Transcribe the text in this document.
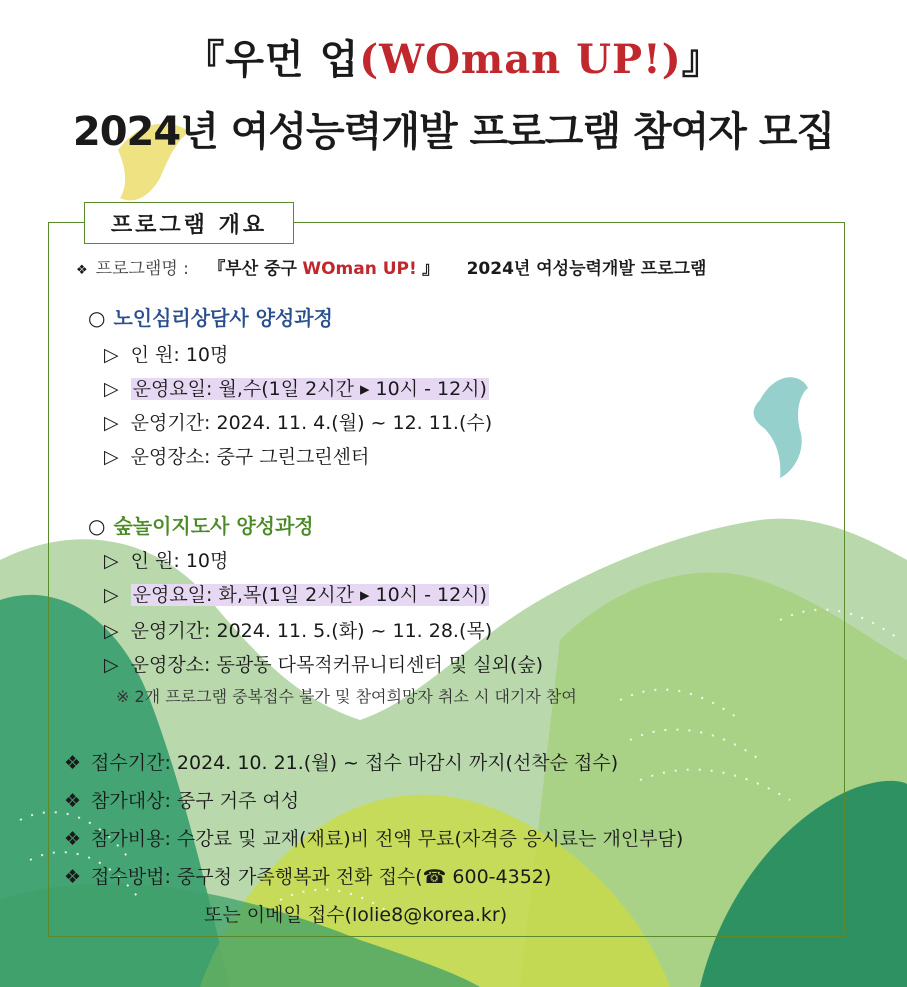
『우먼 업(WOman UP!)』
2024년 여성능력개발 프로그램 참여자 모집
프로그램 개요
❖ 프로그램명 : 『부산 중구 WOman UP! 』 2024년 여성능력개발 프로그램
○ 노인심리상담사 양성과정
▷ 인 원: 10명
▷ 운영요일: 월,수(1일 2시간 ▸ 10시 - 12시)
▷ 운영기간: 2024. 11. 4.(월) ~ 12. 11.(수)
▷ 운영장소: 중구 그린그린센터
○ 숲놀이지도사 양성과정
▷ 인 원: 10명
▷ 운영요일: 화,목(1일 2시간 ▸ 10시 - 12시)
▷ 운영기간: 2024. 11. 5.(화) ~ 11. 28.(목)
▷ 운영장소: 동광동 다목적커뮤니티센터 및 실외(숲)
※ 2개 프로그램 중복접수 불가 및 참여희망자 취소 시 대기자 참여
❖ 접수기간: 2024. 10. 21.(월) ~ 접수 마감시 까지(선착순 접수)
❖ 참가대상: 중구 거주 여성
❖ 참가비용: 수강료 및 교재(재료)비 전액 무료(자격증 응시료는 개인부담)
❖ 접수방법: 중구청 가족행복과 전화 접수(☎ 600-4352)
또는 이메일 접수(lolie8@korea.kr)
